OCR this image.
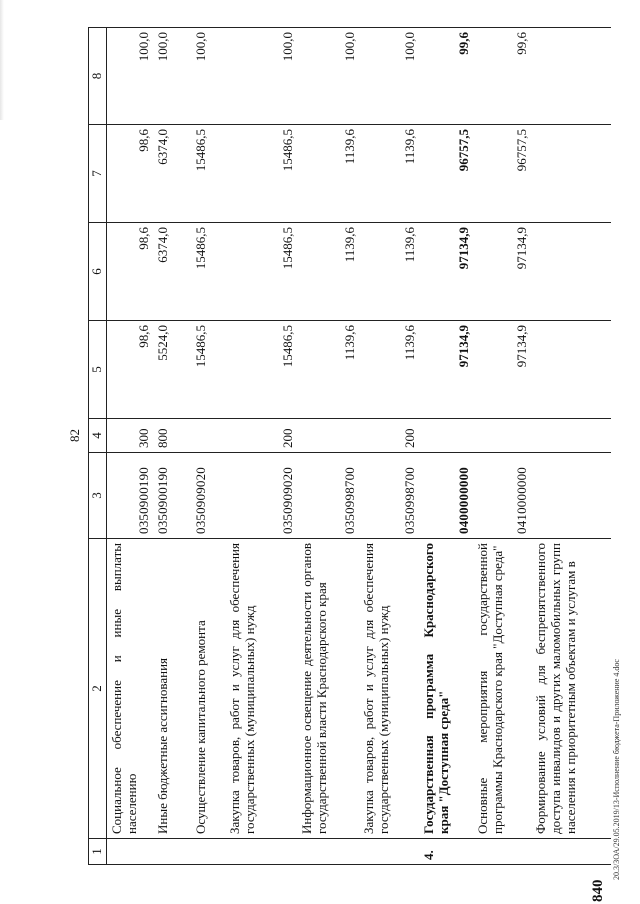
82
1	2	3	4	5	6	7	8
	Социальное обеспечение и иные выплаты населению	0350900190	300	98,6	98,6	98,6	100,0
	Иные бюджетные ассигнования	0350900190	800	5524,0	6374,0	6374,0	100,0
	Осуществление капитального ремонта	0350909020		15486,5	15486,5	15486,5	100,0
	Закупка товаров, работ и услуг для обеспечения государственных (муниципальных) нужд	0350909020	200	15486,5	15486,5	15486,5	100,0
	Информационное освещение деятельности органов государственной власти Краснодарского края	0350998700		1139,6	1139,6	1139,6	100,0
	Закупка товаров, работ и услуг для обеспечения государственных (муниципальных) нужд	0350998700	200	1139,6	1139,6	1139,6	100,0
4.	Государственная программа Краснодарского края "Доступная среда"	0400000000		97134,9	97134,9	96757,5	99,6
	Основные мероприятия государственной программы Краснодарского края "Доступная среда"	0410000000		97134,9	97134,9	96757,5	99,6
	Формирование условий для беспрепятственного доступа инвалидов и других маломобильных групп населения к приоритетным объектам и услугам в							20.3/ЗОА/29.05.2019/13-Исполнение бюджета-Приложение 4.doc
840
